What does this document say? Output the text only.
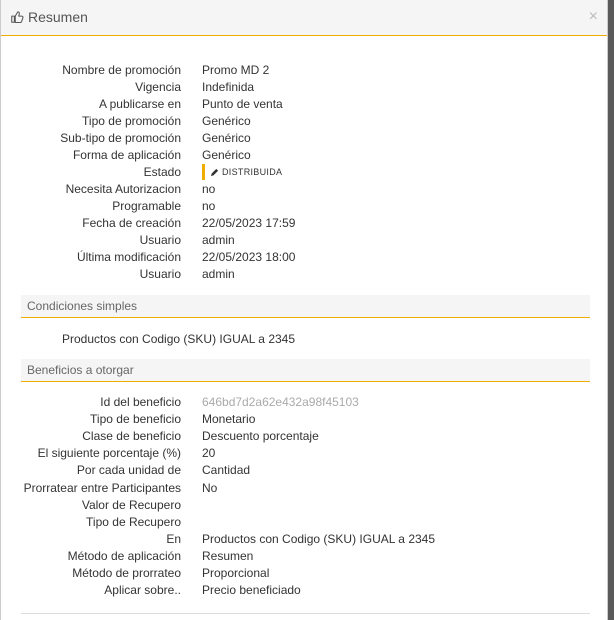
Resumen	×
Nombre de promoción Promo MD 2
Vigencia Indefinida
A publicarse en Punto de venta
Tipo de promoción Genérico
Sub-tipo de promoción Genérico
Forma de aplicación Genérico
Estado	DISTRIBUIDA
Necesita Autorizacion no
Programable no
Fecha de creación 22/05/2023 17:59
Usuario admin
Última modificación 22/05/2023 18:00
Usuario admin
Condiciones simples
Productos con Codigo (SKU) IGUAL a 2345
Beneficios a otorgar
Id del beneficio 646bd7d2a62e432a98f45103
Tipo de beneficio Monetario
Clase de beneficio Descuento porcentaje
El siguiente porcentaje (%) 20
Por cada unidad de Cantidad
Prorratear entre Participantes No
Valor de Recupero
Tipo de Recupero
En Productos con Codigo (SKU) IGUAL a 2345
Método de aplicación Resumen
Método de prorrateo Proporcional
Aplicar sobre.. Precio beneficiado
